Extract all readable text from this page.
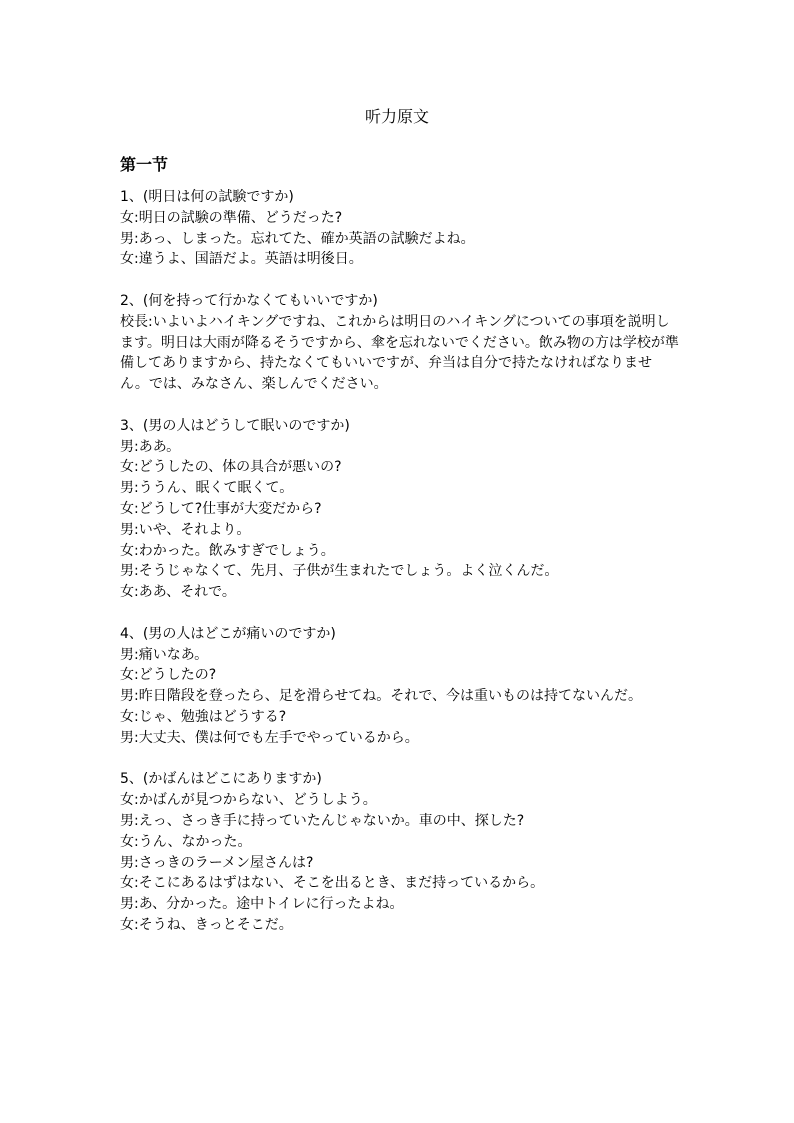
听力原文
第一节

1、(明日は何の試験ですか)

女:明日の試験の準備、どうだった?

男:あっ、しまった。忘れてた、確か英語の試験だよね。

女:違うよ、国語だよ。英語は明後日。

2、(何を持って行かなくてもいいですか)

校長:いよいよハイキングですね、これからは明日のハイキングについての事項を説明します。明日は大雨が降るそうですから、傘を忘れないでください。飲み物の方は学校が準備してありますから、持たなくてもいいですが、弁当は自分で持たなければなりません。では、みなさん、楽しんでください。

3、(男の人はどうして眠いのですか)

男:ああ。

女:どうしたの、体の具合が悪いの?

男:ううん、眠くて眠くて。

女:どうして?仕事が大変だから?

男:いや、それより。

女:わかった。飲みすぎでしょう。

男:そうじゃなくて、先月、子供が生まれたでしょう。よく泣くんだ。

女:ああ、それで。

4、(男の人はどこが痛いのですか)

男:痛いなあ。

女:どうしたの?

男:昨日階段を登ったら、足を滑らせてね。それで、今は重いものは持てないんだ。

女:じゃ、勉強はどうする?

男:大丈夫、僕は何でも左手でやっているから。

5、(かばんはどこにありますか)

女:かばんが見つからない、どうしよう。

男:えっ、さっき手に持っていたんじゃないか。車の中、探した?

女:うん、なかった。

男:さっきのラーメン屋さんは?

女:そこにあるはずはない、そこを出るとき、まだ持っているから。

男:あ、分かった。途中トイレに行ったよね。

女:そうね、きっとそこだ。
